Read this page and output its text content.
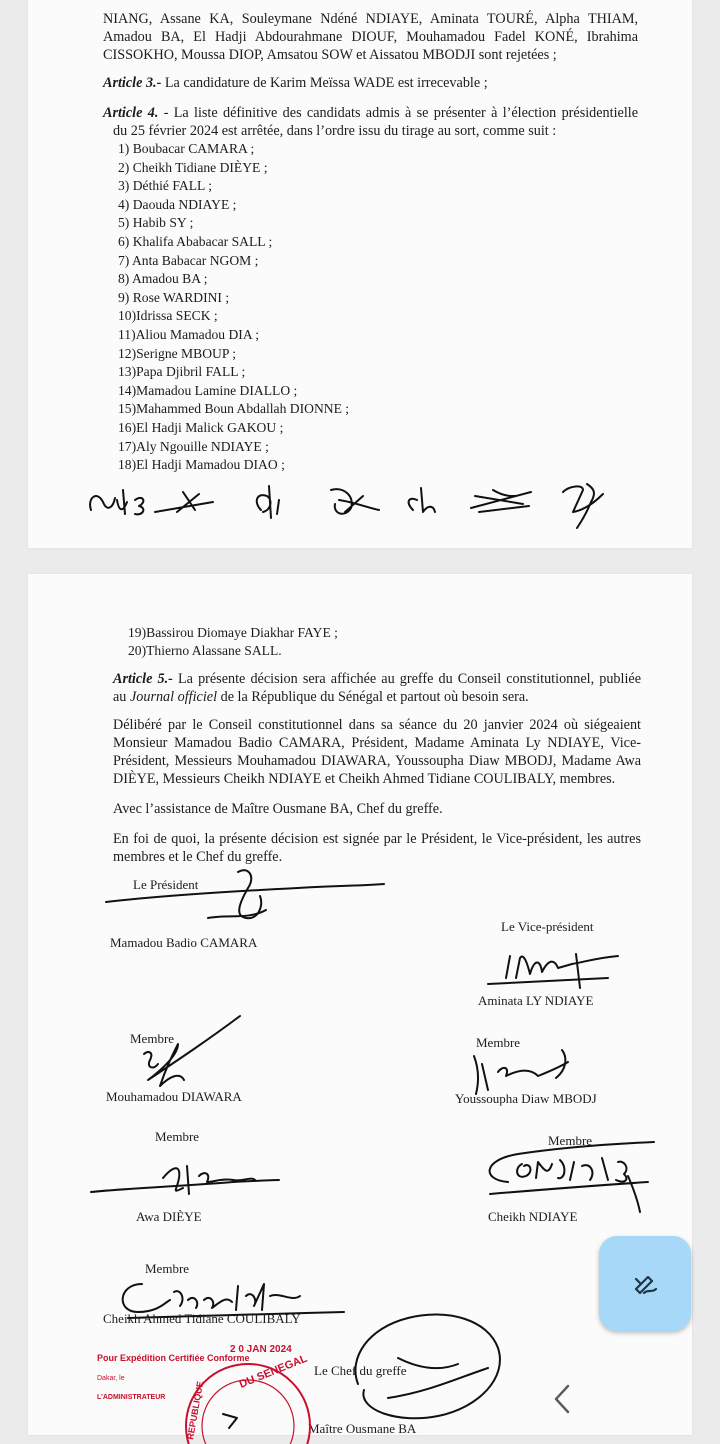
NIANG, Assane KA, Souleymane Ndéné NDIAYE, Aminata TOURÉ, Alpha THIAM,
Amadou BA, El Hadji Abdourahmane DIOUF, Mouhamadou Fadel KONÉ, Ibrahima
CISSOKHO, Moussa DIOP, Amsatou SOW et Aissatou MBODJI sont rejetées ;
Article 3.- La candidature de Karim Meïssa WADE est irrecevable ;
Article 4. - La liste définitive des candidats admis à se présenter à l’élection présidentielle
du 25 février 2024 est arrêtée, dans l’ordre issu du tirage au sort, comme suit :
1) Boubacar CAMARA ;
2) Cheikh Tidiane DIÈYE ;
3) Déthié FALL ;
4) Daouda NDIAYE ;
5) Habib SY ;
6) Khalifa Ababacar SALL ;
7) Anta Babacar NGOM ;
8) Amadou BA ;
9) Rose WARDINI ;
10)Idrissa SECK ;
11)Aliou Mamadou DIA ;
12)Serigne MBOUP ;
13)Papa Djibril FALL ;
14)Mamadou Lamine DIALLO ;
15)Mahammed Boun Abdallah DIONNE ;
16)El Hadji Malick GAKOU ;
17)Aly Ngouille NDIAYE ;
18)El Hadji Mamadou DIAO ;
19)Bassirou Diomaye Diakhar FAYE ;
20)Thierno Alassane SALL.
Article 5.- La présente décision sera affichée au greffe du Conseil constitutionnel, publiée
au Journal officiel de la République du Sénégal et partout où besoin sera.
Délibéré par le Conseil constitutionnel dans sa séance du 20 janvier 2024 où siégeaient
Monsieur Mamadou Badio CAMARA, Président, Madame Aminata Ly NDIAYE, Vice-
Président, Messieurs Mouhamadou DIAWARA, Youssoupha Diaw MBODJ, Madame Awa
DIÈYE, Messieurs Cheikh NDIAYE et Cheikh Ahmed Tidiane COULIBALY, membres.
Avec l’assistance de Maître Ousmane BA, Chef du greffe.
En foi de quoi, la présente décision est signée par le Président, le Vice-président, les autres
membres et le Chef du greffe.
Le Président
Mamadou Badio CAMARA
Le Vice-président
Aminata LY NDIAYE
Membre
Mouhamadou DIAWARA
Membre
Youssoupha Diaw MBODJ
Membre
Awa DIÈYE
Membre
Cheikh NDIAYE
Membre
Cheikh Ahmed Tidiane COULIBALY
Le Chef du greffe
Maître Ousmane BA
Pour Expédition Certifiée Conforme
2 0 JAN 2024
Dakar, le
L’ADMINISTRATEUR
DU SENEGAL
REPUBLIQUE
